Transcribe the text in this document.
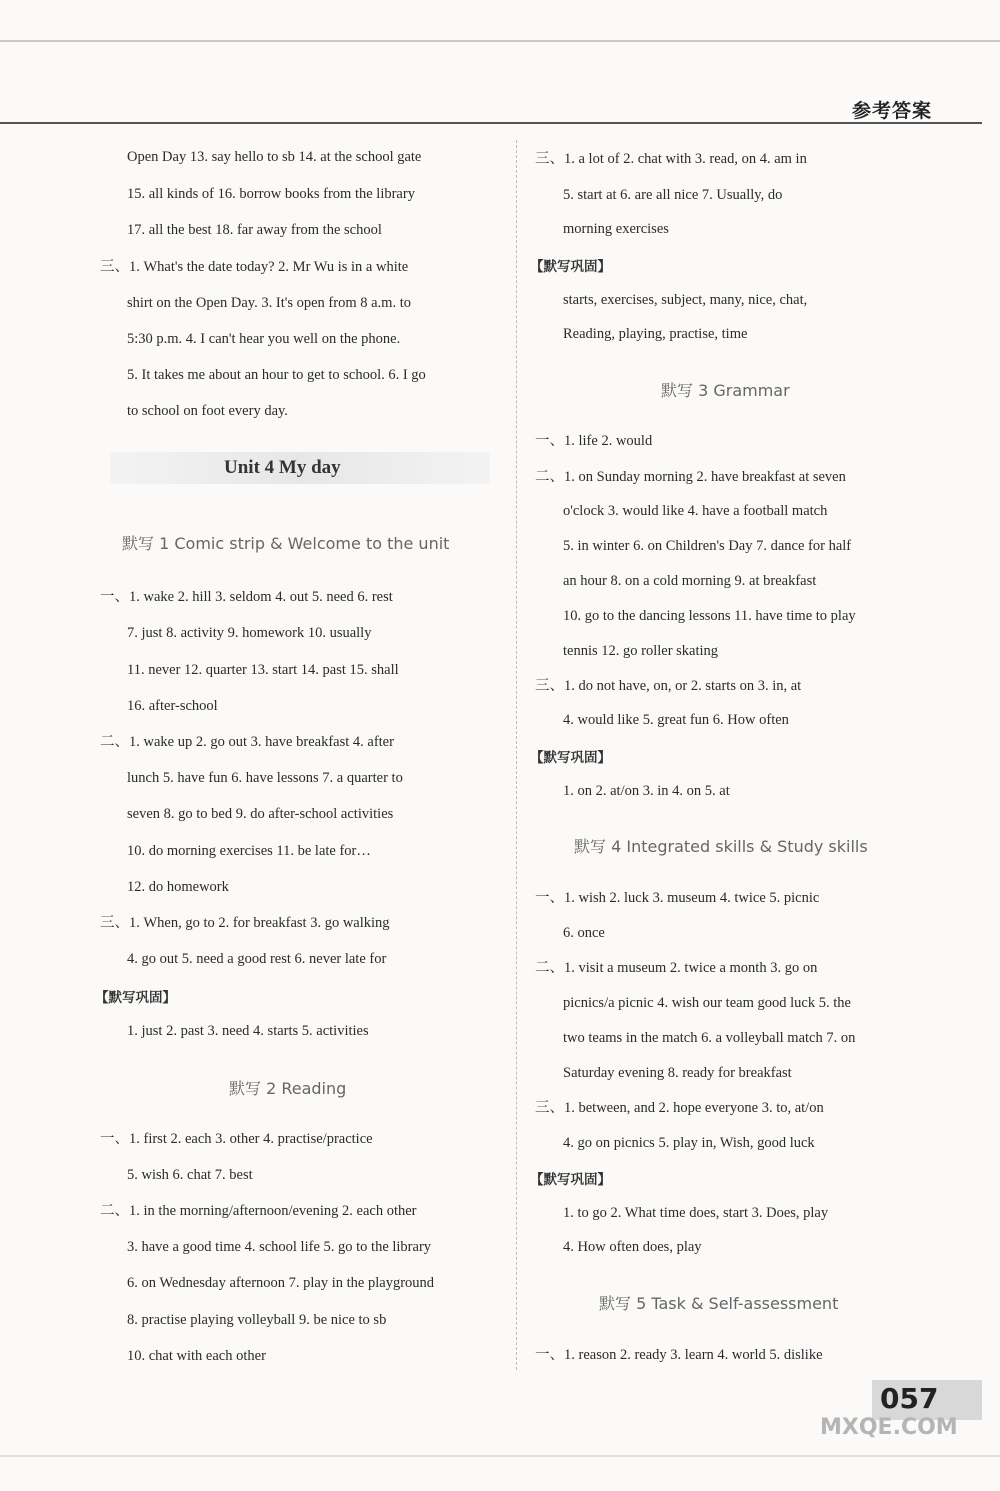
参考答案
Open Day 13. say hello to sb 14. at the school gate
15. all kinds of 16. borrow books from the library
17. all the best 18. far away from the school
三、1. What's the date today? 2. Mr Wu is in a white
shirt on the Open Day. 3. It's open from 8 a.m. to
5:30 p.m. 4. I can't hear you well on the phone.
5. It takes me about an hour to get to school. 6. I go
to school on foot every day.
Unit 4 My day
默写 1 Comic strip & Welcome to the unit
一、1. wake 2. hill 3. seldom 4. out 5. need 6. rest
7. just 8. activity 9. homework 10. usually
11. never 12. quarter 13. start 14. past 15. shall
16. after-school
二、1. wake up 2. go out 3. have breakfast 4. after
lunch 5. have fun 6. have lessons 7. a quarter to
seven 8. go to bed 9. do after-school activities
10. do morning exercises 11. be late for…
12. do homework
三、1. When, go to 2. for breakfast 3. go walking
4. go out 5. need a good rest 6. never late for
【默写巩固】
1. just 2. past 3. need 4. starts 5. activities
默写 2 Reading
一、1. first 2. each 3. other 4. practise/practice
5. wish 6. chat 7. best
二、1. in the morning/afternoon/evening 2. each other
3. have a good time 4. school life 5. go to the library
6. on Wednesday afternoon 7. play in the playground
8. practise playing volleyball 9. be nice to sb
10. chat with each other
三、1. a lot of 2. chat with 3. read, on 4. am in
5. start at 6. are all nice 7. Usually, do
morning exercises
【默写巩固】
starts, exercises, subject, many, nice, chat,
Reading, playing, practise, time
默写 3 Grammar
一、1. life 2. would
二、1. on Sunday morning 2. have breakfast at seven
o'clock 3. would like 4. have a football match
5. in winter 6. on Children's Day 7. dance for half
an hour 8. on a cold morning 9. at breakfast
10. go to the dancing lessons 11. have time to play
tennis 12. go roller skating
三、1. do not have, on, or 2. starts on 3. in, at
4. would like 5. great fun 6. How often
【默写巩固】
1. on 2. at/on 3. in 4. on 5. at
默写 4 Integrated skills & Study skills
一、1. wish 2. luck 3. museum 4. twice 5. picnic
6. once
二、1. visit a museum 2. twice a month 3. go on
picnics/a picnic 4. wish our team good luck 5. the
two teams in the match 6. a volleyball match 7. on
Saturday evening 8. ready for breakfast
三、1. between, and 2. hope everyone 3. to, at/on
4. go on picnics 5. play in, Wish, good luck
【默写巩固】
1. to go 2. What time does, start 3. Does, play
4. How often does, play
默写 5 Task & Self-assessment
一、1. reason 2. ready 3. learn 4. world 5. dislike
057
MXQE.COM
